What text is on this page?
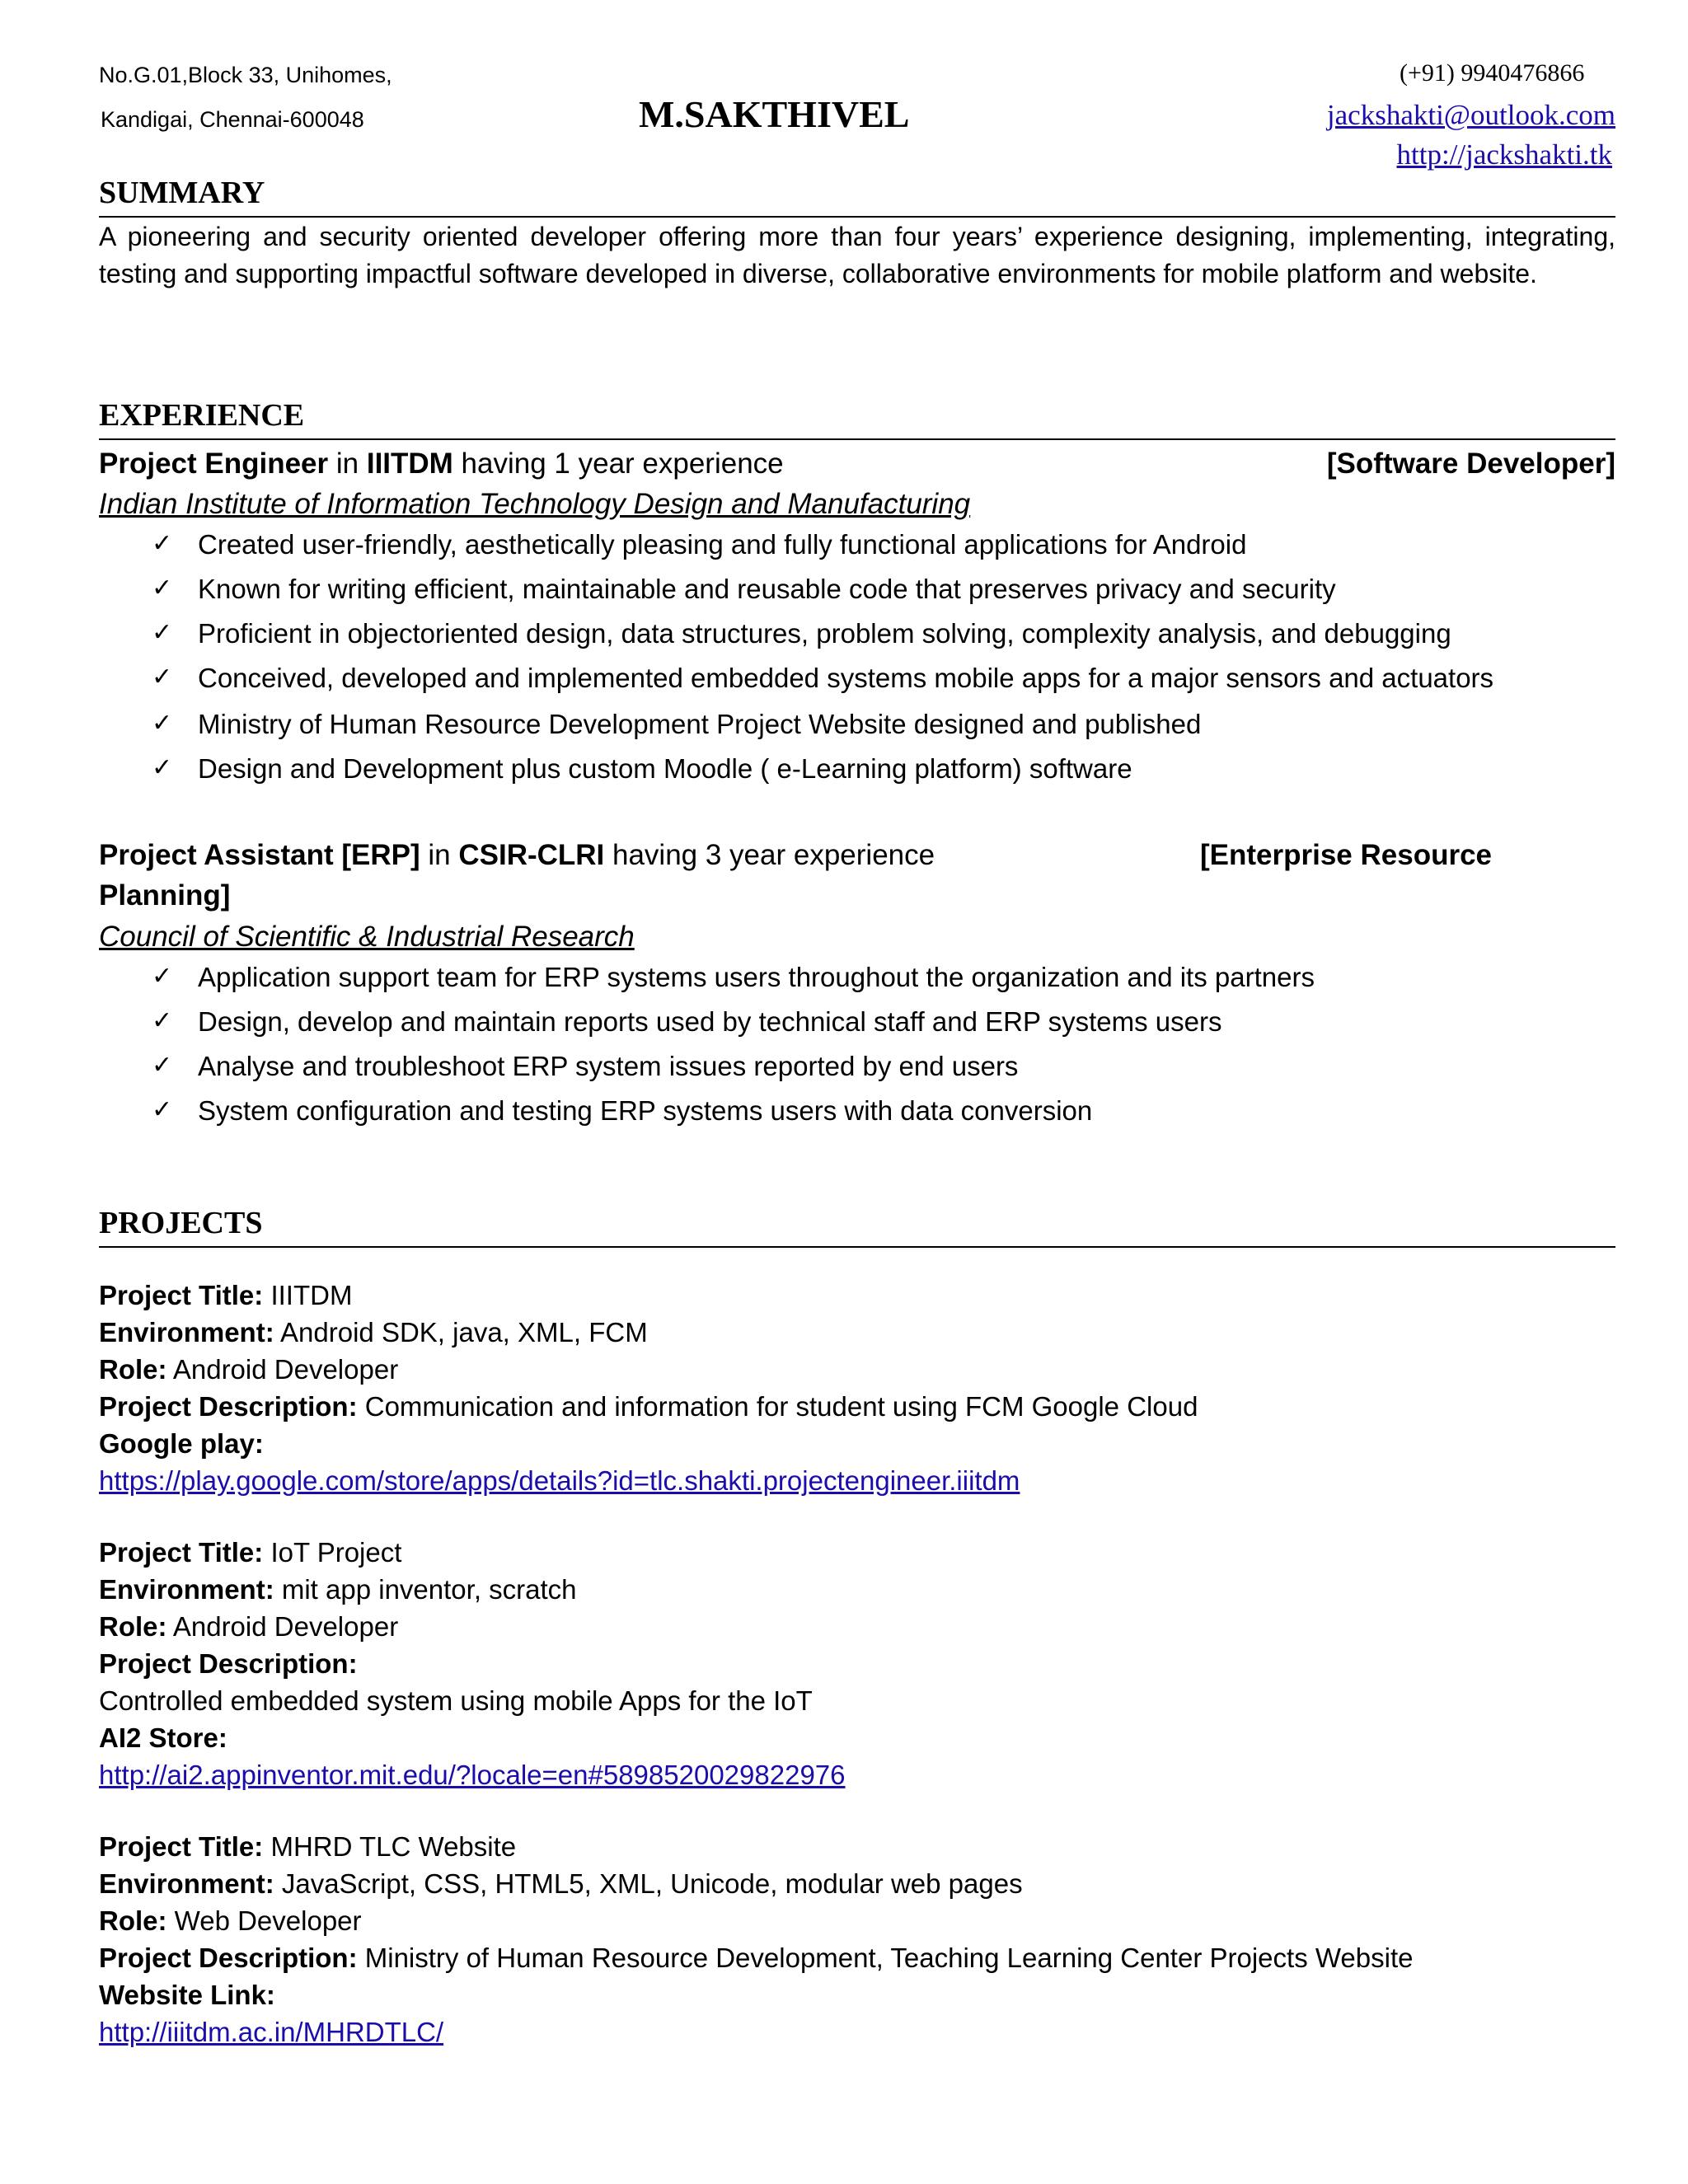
No.G.01,Block 33, Unihomes,
Kandigai, Chennai-600048	M.SAKTHIVEL
(+91) 9940476866
jackshakti@outlook.com
http://jackshakti.tk
SUMMARY
A pioneering and security oriented developer offering more than four years’ experience designing, implementing, integrating, testing and supporting impactful software developed in diverse, collaborative environments for mobile platform and website.
EXPERIENCE
Project Engineer in IIITDM having 1 year experience	[Software Developer]
Indian Institute of Information Technology Design and Manufacturing
✓ Created user-friendly, aesthetically pleasing and fully functional applications for Android
✓ Known for writing efficient, maintainable and reusable code that preserves privacy and security
✓ Proficient in objectoriented design, data structures, problem solving, complexity analysis, and debugging
✓ Conceived, developed and implemented embedded systems mobile apps for a major sensors and actuators
✓ Ministry of Human Resource Development Project Website designed and published
✓ Design and Development plus custom Moodle ( e-Learning platform) software
Project Assistant [ERP] in CSIR-CLRI having 3 year experience	[Enterprise Resource
Planning]
Council of Scientific & Industrial Research
✓ Application support team for ERP systems users throughout the organization and its partners
✓ Design, develop and maintain reports used by technical staff and ERP systems users
✓ Analyse and troubleshoot ERP system issues reported by end users
✓ System configuration and testing ERP systems users with data conversion
PROJECTS
Project Title: IIITDM
Environment: Android SDK, java, XML, FCM
Role: Android Developer
Project Description: Communication and information for student using FCM Google Cloud
Google play:
https://play.google.com/store/apps/details?id=tlc.shakti.projectengineer.iiitdm
Project Title: IoT Project
Environment: mit app inventor, scratch
Role: Android Developer
Project Description:
Controlled embedded system using mobile Apps for the IoT
AI2 Store:
http://ai2.appinventor.mit.edu/?locale=en#5898520029822976
Project Title: MHRD TLC Website
Environment: JavaScript, CSS, HTML5, XML, Unicode, modular web pages
Role: Web Developer
Project Description: Ministry of Human Resource Development, Teaching Learning Center Projects Website
Website Link:
http://iiitdm.ac.in/MHRDTLC/
